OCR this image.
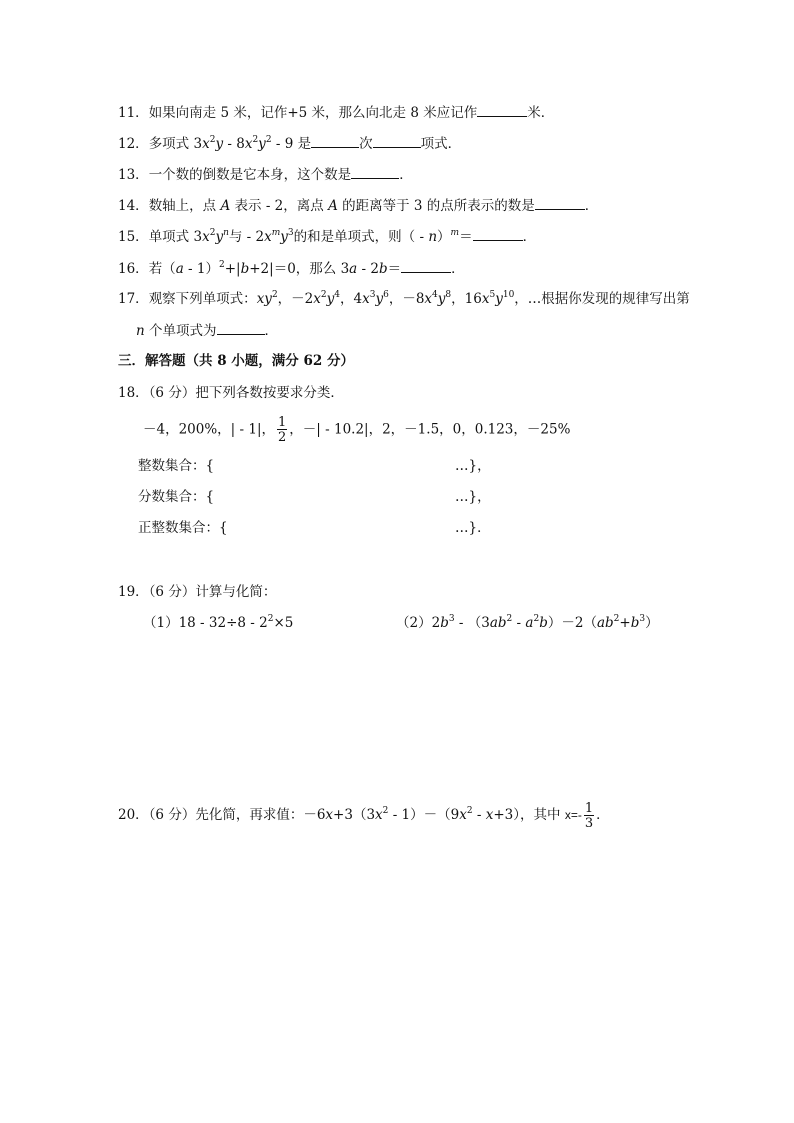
11．如果向南走 5 米，记作+5 米，那么向北走 8 米应记作	米．
12．多项式 $3x^2y - 8x^2y^2 - 9$ 是	次	项式．
13．一个数的倒数是它本身，这个数是	．
14．数轴上，点 A 表示 - 2，离点 A 的距离等于 3 的点所表示的数是	．
15．单项式 $3x^2y^n$与 - $2x^my^3$的和是单项式，则（ - n）$^m$＝	．
16．若（a - 1）$^2$+|b+2|＝0，那么 3a - 2b＝	．
17．观察下列单项式：$xy^2$，$-2x^2y^4$，$4x^3y^6$，$-8x^4y^8$，$16x^5y^{10}$，…根据你发现的规律写出第
n 个单项式为	．
三．解答题（共 8 小题，满分 62 分）
18．（6 分）把下列各数按要求分类．
－4，200%，| - 1|， $\frac{1}{2}$ ，－| - 10.2|，2，－1.5，0，0.123，－25%
整数集合：{	…}，
分数集合：{	…}，
正整数集合：{	…}．
19．（6 分）计算与化简：
$(1)18 - 32\div 8 - 2^2\times 5$	$(2)2b^3 - (3ab^2 - a^2b)-2(ab^2+b^3)$
20．（6 分）先化简，再求值：$-6x+3(3x^2 - 1)-(9x^2 - x+3)$，其中 $x=- \frac{1}{3}$ ．
